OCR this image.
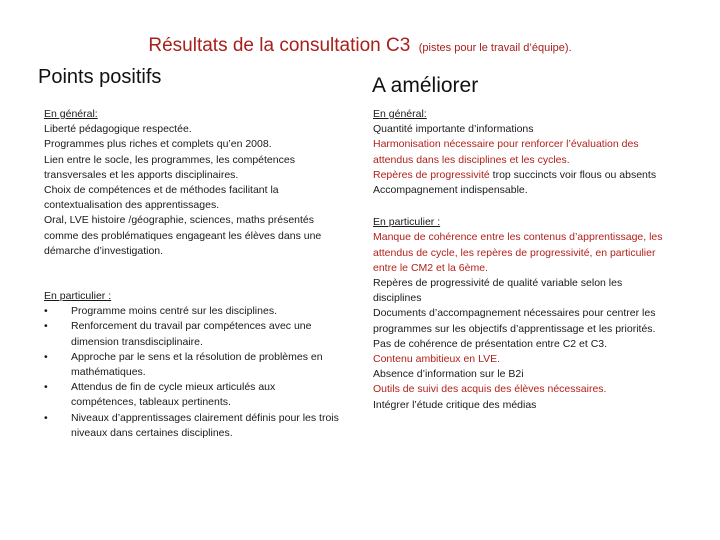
Résultats de la consultation C3 (pistes pour le travail d’équipe).
Points positifs	A améliorer
En général:
Liberté pédagogique respectée.
Programmes plus riches et complets qu’en 2008.
Lien entre le socle, les programmes, les compétences transversales et les apports disciplinaires.
Choix de compétences et de méthodes facilitant la contextualisation des apprentissages.
Oral, LVE histoire /géographie, sciences, maths présentés comme des problématiques engageant les élèves dans une démarche d’investigation.
En particulier :
• Programme moins centré sur les disciplines.
• Renforcement du travail par compétences avec une dimension transdisciplinaire.
• Approche par le sens et la résolution de problèmes en mathématiques.
• Attendus de fin de cycle mieux articulés aux compétences, tableaux pertinents.
• Niveaux d’apprentissages clairement définis pour les trois niveaux dans certaines disciplines.
En général:
Quantité importante d’informations
Harmonisation nécessaire pour renforcer l’évaluation des attendus dans les disciplines et les cycles.
Repères de progressivité trop succincts voir flous ou absents
Accompagnement indispensable.
En particulier :
Manque de cohérence entre les contenus d’apprentissage, les attendus de cycle, les repères de progressivité, en particulier entre le CM2 et la 6ème.
Repères de progressivité de qualité variable selon les disciplines
Documents d’accompagnement nécessaires pour centrer les programmes sur les objectifs d’apprentissage et les priorités.
Pas de cohérence de présentation entre C2 et C3.
Contenu ambitieux en LVE.
Absence d’information sur le B2i
Outils de suivi des acquis des élèves nécessaires.
Intégrer l’étude critique des médias
